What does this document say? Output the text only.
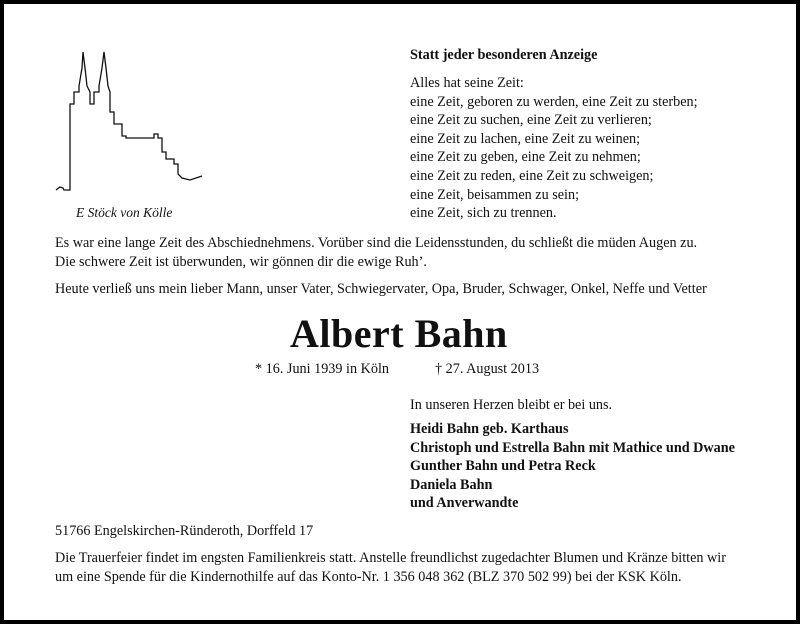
E Stöck von Kölle
Statt jeder besonderen Anzeige
Alles hat seine Zeit:
eine Zeit, geboren zu werden, eine Zeit zu sterben;
eine Zeit zu suchen, eine Zeit zu verlieren;
eine Zeit zu lachen, eine Zeit zu weinen;
eine Zeit zu geben, eine Zeit zu nehmen;
eine Zeit zu reden, eine Zeit zu schweigen;
eine Zeit, beisammen zu sein;
eine Zeit, sich zu trennen.
Es war eine lange Zeit des Abschiednehmens. Vorüber sind die Leidensstunden, du schließt die müden Augen zu.
Die schwere Zeit ist überwunden, wir gönnen dir die ewige Ruh’.
Heute verließ uns mein lieber Mann, unser Vater, Schwiegervater, Opa, Bruder, Schwager, Onkel, Neffe und Vetter
Albert Bahn
* 16. Juni 1939 in Köln	† 27. August 2013
In unseren Herzen bleibt er bei uns.
Heidi Bahn geb. Karthaus
Christoph und Estrella Bahn mit Mathice und Dwane
Gunther Bahn und Petra Reck
Daniela Bahn
und Anverwandte
51766 Engelskirchen-Ründeroth, Dorffeld 17
Die Trauerfeier findet im engsten Familienkreis statt. Anstelle freundlichst zugedachter Blumen und Kränze bitten wir
um eine Spende für die Kindernothilfe auf das Konto-Nr. 1 356 048 362 (BLZ 370 502 99) bei der KSK Köln.
